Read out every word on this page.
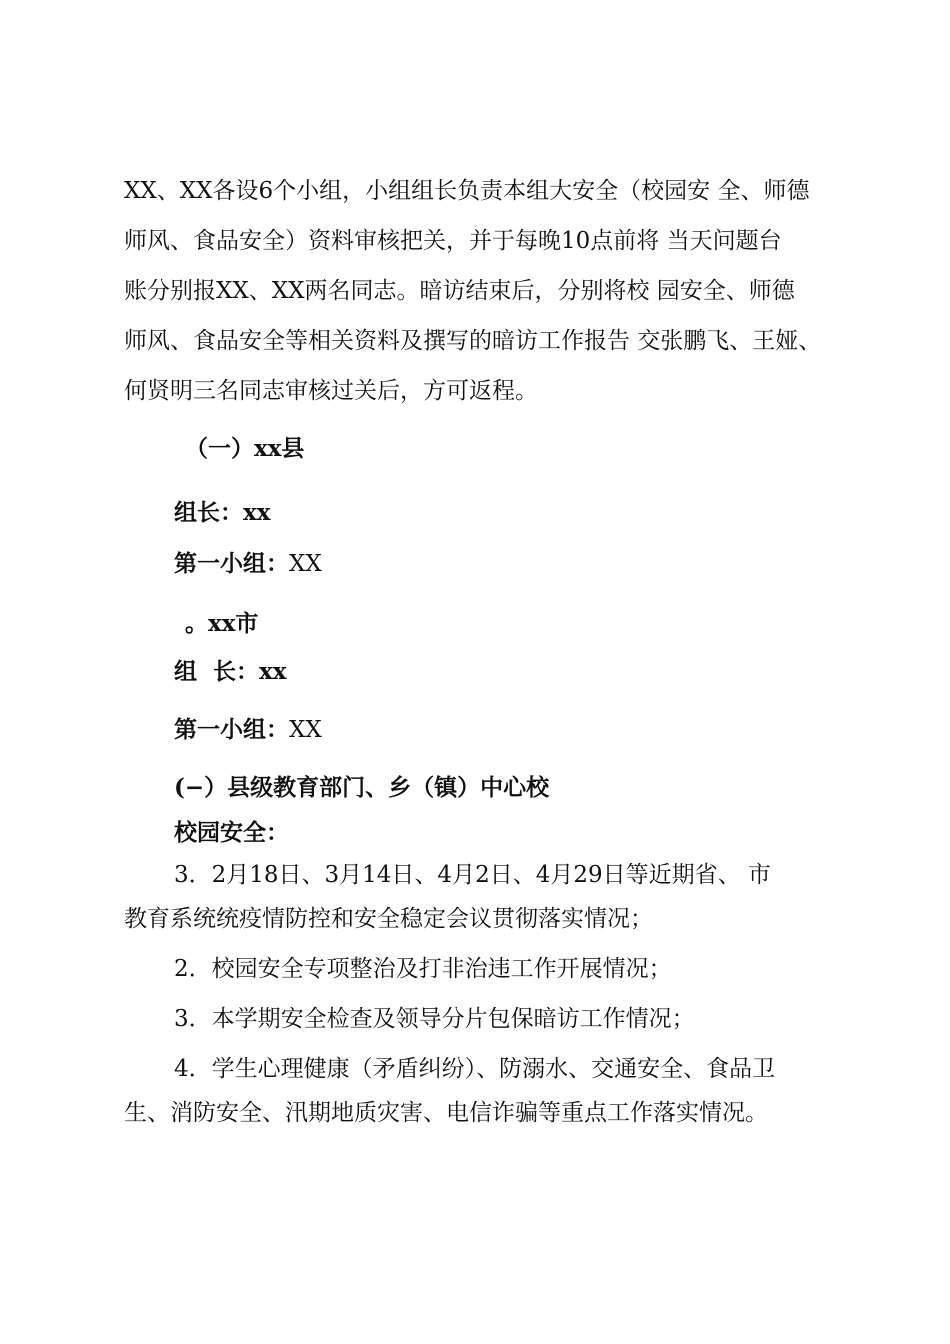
XX、XX各设6个小组，小组组长负责本组大安全（校园安 全、师德
师风、食品安全）资料审核把关，并于每晚10点前将 当天问题台
账分别报XX、XX两名同志。暗访结束后，分别将校 园安全、师德
师风、食品安全等相关资料及撰写的暗访工作报告 交张鹏飞、王娅、
何贤明三名同志审核过关后，方可返程。

（一）xx县
组长：xx
第一小组：XX
。xx市
组  长：xx
第一小组：XX
(−）县级教育部门、乡（镇）中心校
校园安全：

3．2月18日、3月14日、4月2日、4月29日等近期省、 市
教育系统统疫情防控和安全稳定会议贯彻落实情况；
2．校园安全专项整治及打非治违工作开展情况；
3．本学期安全检查及领导分片包保暗访工作情况；
4．学生心理健康（矛盾纠纷）、防溺水、交通安全、食品卫
生、消防安全、汛期地质灾害、电信诈骗等重点工作落实情况。
